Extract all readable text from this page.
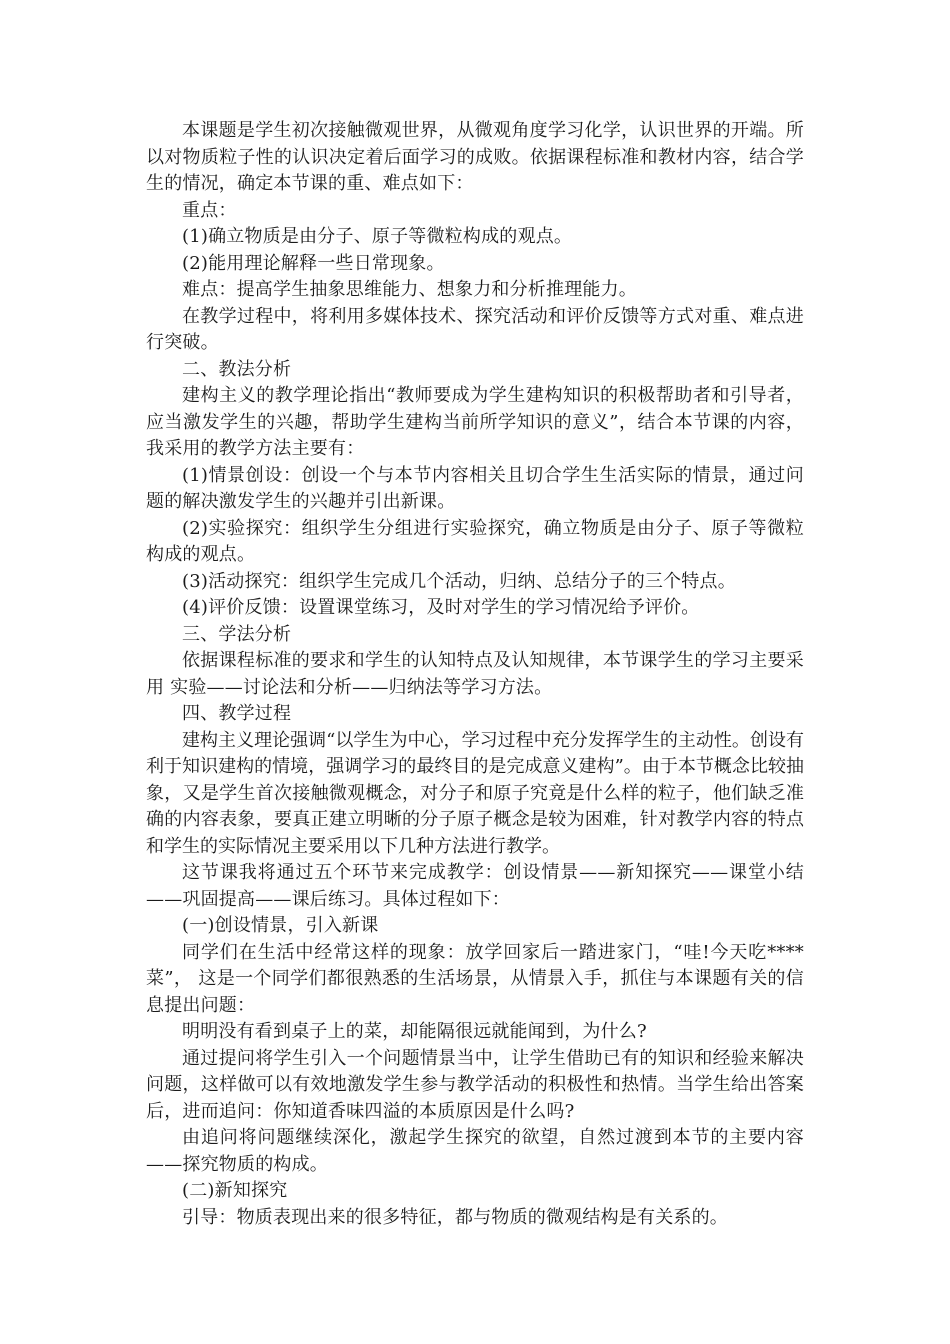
本课题是学生初次接触微观世界，从微观角度学习化学，认识世界的开端。所以对物质粒子性的认识决定着后面学习的成败。依据课程标准和教材内容，结合学生的情况，确定本节课的重、难点如下：

重点：

(1)确立物质是由分子、原子等微粒构成的观点。

(2)能用理论解释一些日常现象。

难点：提高学生抽象思维能力、想象力和分析推理能力。

在教学过程中，将利用多媒体技术、探究活动和评价反馈等方式对重、难点进行突破。

二、教法分析

建构主义的教学理论指出“教师要成为学生建构知识的积极帮助者和引导者，应当激发学生的兴趣，帮助学生建构当前所学知识的意义”，结合本节课的内容，我采用的教学方法主要有：

(1)情景创设：创设一个与本节内容相关且切合学生生活实际的情景，通过问题的解决激发学生的兴趣并引出新课。

(2)实验探究：组织学生分组进行实验探究，确立物质是由分子、原子等微粒构成的观点。

(3)活动探究：组织学生完成几个活动，归纳、总结分子的三个特点。

(4)评价反馈：设置课堂练习，及时对学生的学习情况给予评价。

三、学法分析

依据课程标准的要求和学生的认知特点及认知规律，本节课学生的学习主要采用 实验——讨论法和分析——归纳法等学习方法。

四、教学过程

建构主义理论强调“以学生为中心，学习过程中充分发挥学生的主动性。创设有利于知识建构的情境，强调学习的最终目的是完成意义建构”。由于本节概念比较抽象，又是学生首次接触微观概念，对分子和原子究竟是什么样的粒子，他们缺乏准确的内容表象，要真正建立明晰的分子原子概念是较为困难，针对教学内容的特点和学生的实际情况主要采用以下几种方法进行教学。

这节课我将通过五个环节来完成教学：创设情景——新知探究——课堂小结——巩固提高——课后练习。具体过程如下：

(一)创设情景，引入新课

同学们在生活中经常这样的现象：放学回家后一踏进家门，“哇!今天吃****菜”， 这是一个同学们都很熟悉的生活场景，从情景入手，抓住与本课题有关的信息提出问题：

明明没有看到桌子上的菜，却能隔很远就能闻到，为什么?

通过提问将学生引入一个问题情景当中，让学生借助已有的知识和经验来解决问题，这样做可以有效地激发学生参与教学活动的积极性和热情。当学生给出答案后，进而追问：你知道香味四溢的本质原因是什么吗?

由追问将问题继续深化，激起学生探究的欲望，自然过渡到本节的主要内容——探究物质的构成。

(二)新知探究

引导：物质表现出来的很多特征，都与物质的微观结构是有关系的。
